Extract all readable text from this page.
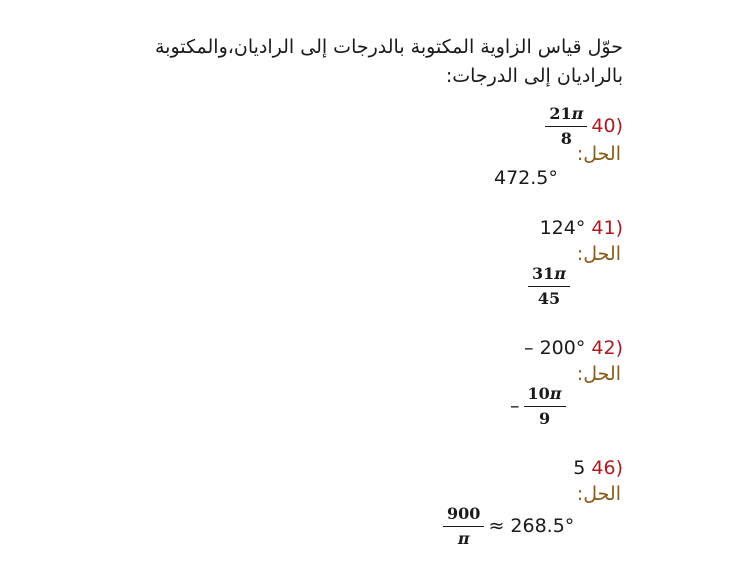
حوّل قياس الزاوية المكتوبة بالدرجات إلى الراديان،والمكتوبة بالراديان إلى الدرجات:
$\frac{21\pi}{8} 40$)
الحل:
472.5°
124° 41)
الحل:
$\frac{31\pi}{45}$
– 200° 42)
الحل:
– $\frac{10\pi}{9}$
5 46)
الحل:
$\frac{900}{\pi} \approx 268.5^\circ$
